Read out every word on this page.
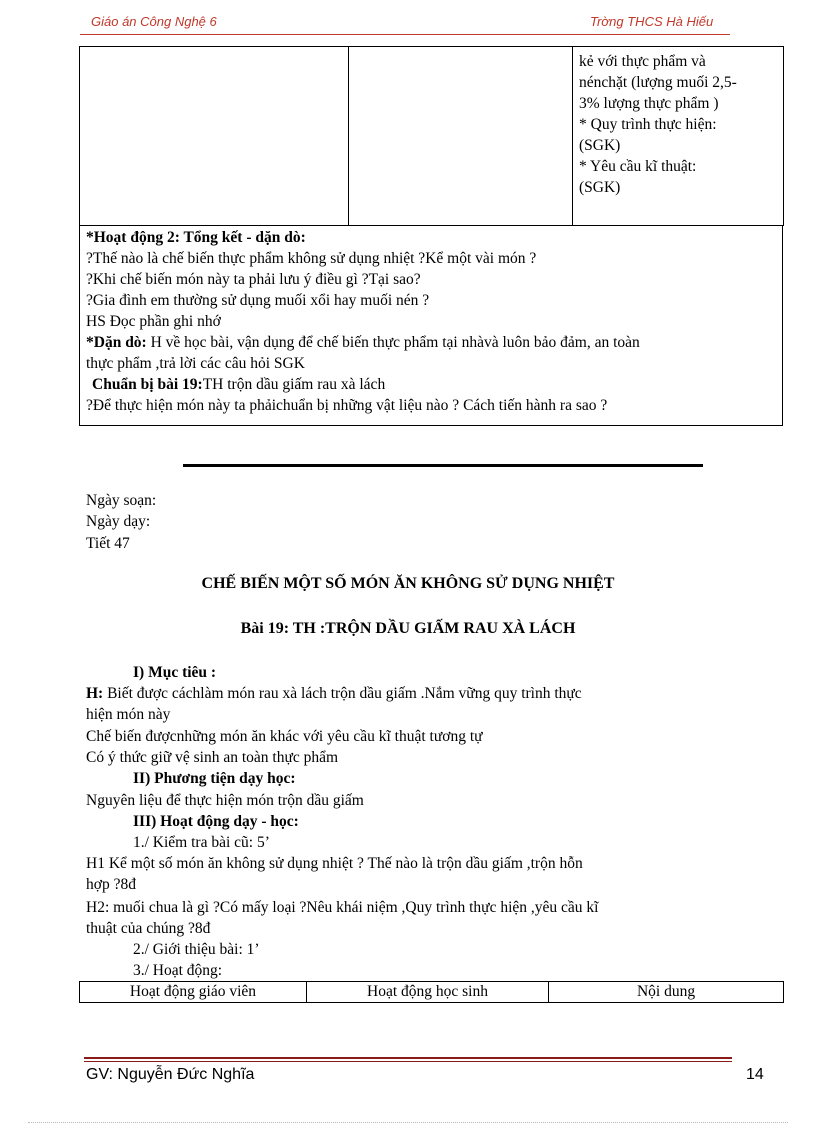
Giáo án Công Nghệ 6	Trờng THCS Hà Hiếu

kẻ với thực phẩm và
nénchặt (lượng muối 2,5-
3% lượng thực phẩm )
* Quy trình thực hiện:
(SGK)
* Yêu cầu kĩ thuật:
(SGK)
*Hoạt động 2: Tổng kết - dặn dò:
?Thế nào là chế biến thực phẩm không sử dụng nhiệt ?Kể một vài món ?
?Khi chế biến món này ta phải lưu ý điều gì ?Tại sao?
?Gia đình em thường sử dụng muối xổi hay muối nén ?
HS Đọc phần ghi nhớ
*Dặn dò: H về học bài, vận dụng để chế biến thực phẩm tại nhàvà luôn bảo đảm, an toàn
thực phẩm ,trả lời các câu hỏi SGK
Chuẩn bị bài 19:TH trộn dầu giấm rau xà lách
?Để thực hiện món này ta phảichuẩn bị những vật liệu nào ? Cách tiến hành ra sao ?
Ngày soạn:
Ngày dạy:
Tiết 47
CHẾ BIẾN MỘT SỐ MÓN ĂN KHÔNG SỬ DỤNG NHIỆT
Bài 19: TH :TRỘN DẦU GIẤM RAU XÀ LÁCH
I) Mục tiêu :
H: Biết được cáchlàm món rau xà lách trộn dầu giấm .Nắm vững quy trình thực
hiện món này
Chế biến đượcnhững món ăn khác với yêu cầu kĩ thuật tương tự
Có ý thức giữ vệ sinh an toàn thực phẩm
II) Phương tiện dạy học:
Nguyên liệu để thực hiện món trộn dầu giấm
III) Hoạt động dạy - học:
1./ Kiểm tra bài cũ: 5’
H1 Kể một số món ăn không sử dụng nhiệt ? Thế nào là trộn dầu giấm ,trộn hỗn
hợp ?8đ
H2: muối chua là gì ?Có mấy loại ?Nêu khái niệm ,Quy trình thực hiện ,yêu cầu kĩ
thuật của chúng ?8đ
2./ Giới thiệu bài: 1’
3./ Hoạt động:
Hoạt động giáo viên	Hoạt động học sinh	Nội dung
GV: Nguyễn Đức Nghĩa	14
